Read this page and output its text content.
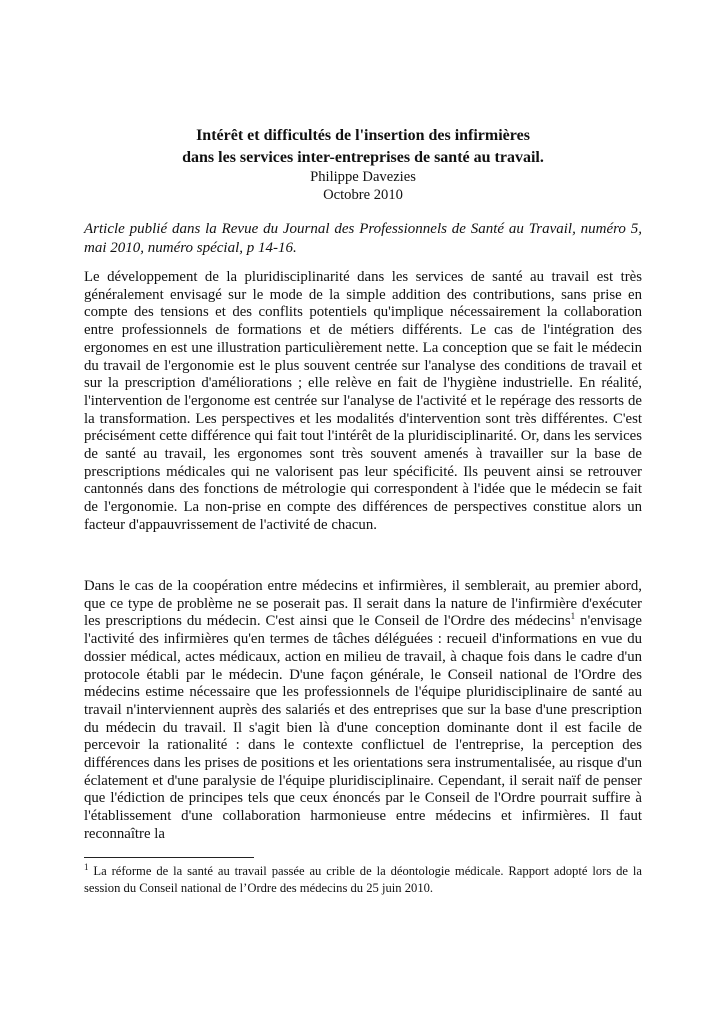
Intérêt et difficultés de l'insertion des infirmières
dans les services inter-entreprises de santé au travail.
Philippe Davezies
Octobre 2010
Article publié dans la Revue du Journal des Professionnels de Santé au Travail, numéro 5, mai 2010, numéro spécial, p 14-16.
Le développement de la pluridisciplinarité dans les services de santé au travail est très généralement envisagé sur le mode de la simple addition des contributions, sans prise en compte des tensions et des conflits potentiels qu'implique nécessairement la collaboration entre professionnels de formations et de métiers différents. Le cas de l'intégration des ergonomes en est une illustration particulièrement nette. La conception que se fait le médecin du travail de l'ergonomie est le plus souvent centrée sur l'analyse des conditions de travail et sur la prescription d'améliorations ; elle relève en fait de l'hygiène industrielle. En réalité, l'intervention de l'ergonome est centrée sur l'analyse de l'activité et le repérage des ressorts de la transformation. Les perspectives et les modalités d'intervention sont très différentes. C'est précisément cette différence qui fait tout l'intérêt de la pluridisciplinarité. Or, dans les services de santé au travail, les ergonomes sont très souvent amenés à travailler sur la base de prescriptions médicales qui ne valorisent pas leur spécificité. Ils peuvent ainsi se retrouver cantonnés dans des fonctions de métrologie qui correspondent à l'idée que le médecin se fait de l'ergonomie. La non-prise en compte des différences de perspectives constitue alors un facteur d'appauvrissement de l'activité de chacun.
Dans le cas de la coopération entre médecins et infirmières, il semblerait, au premier abord, que ce type de problème ne se poserait pas. Il serait dans la nature de l'infirmière d'exécuter les prescriptions du médecin. C'est ainsi que le Conseil de l'Ordre des médecins$^1$ n'envisage l'activité des infirmières qu'en termes de tâches déléguées : recueil d'informations en vue du dossier médical, actes médicaux, action en milieu de travail, à chaque fois dans le cadre d'un protocole établi par le médecin. D'une façon générale, le Conseil national de l'Ordre des médecins estime nécessaire que les professionnels de l'équipe pluridisciplinaire de santé au travail n'interviennent auprès des salariés et des entreprises que sur la base d'une prescription du médecin du travail. Il s'agit bien là d'une conception dominante dont il est facile de percevoir la rationalité : dans le contexte conflictuel de l'entreprise, la perception des différences dans les prises de positions et les orientations sera instrumentalisée, au risque d'un éclatement et d'une paralysie de l'équipe pluridisciplinaire. Cependant, il serait naïf de penser que l'édiction de principes tels que ceux énoncés par le Conseil de l'Ordre pourrait suffire à l'établissement d'une collaboration harmonieuse entre médecins et infirmières. Il faut reconnaître la
$^1$ La réforme de la santé au travail passée au crible de la déontologie médicale. Rapport adopté lors de la session du Conseil national de l’Ordre des médecins du 25 juin 2010.
